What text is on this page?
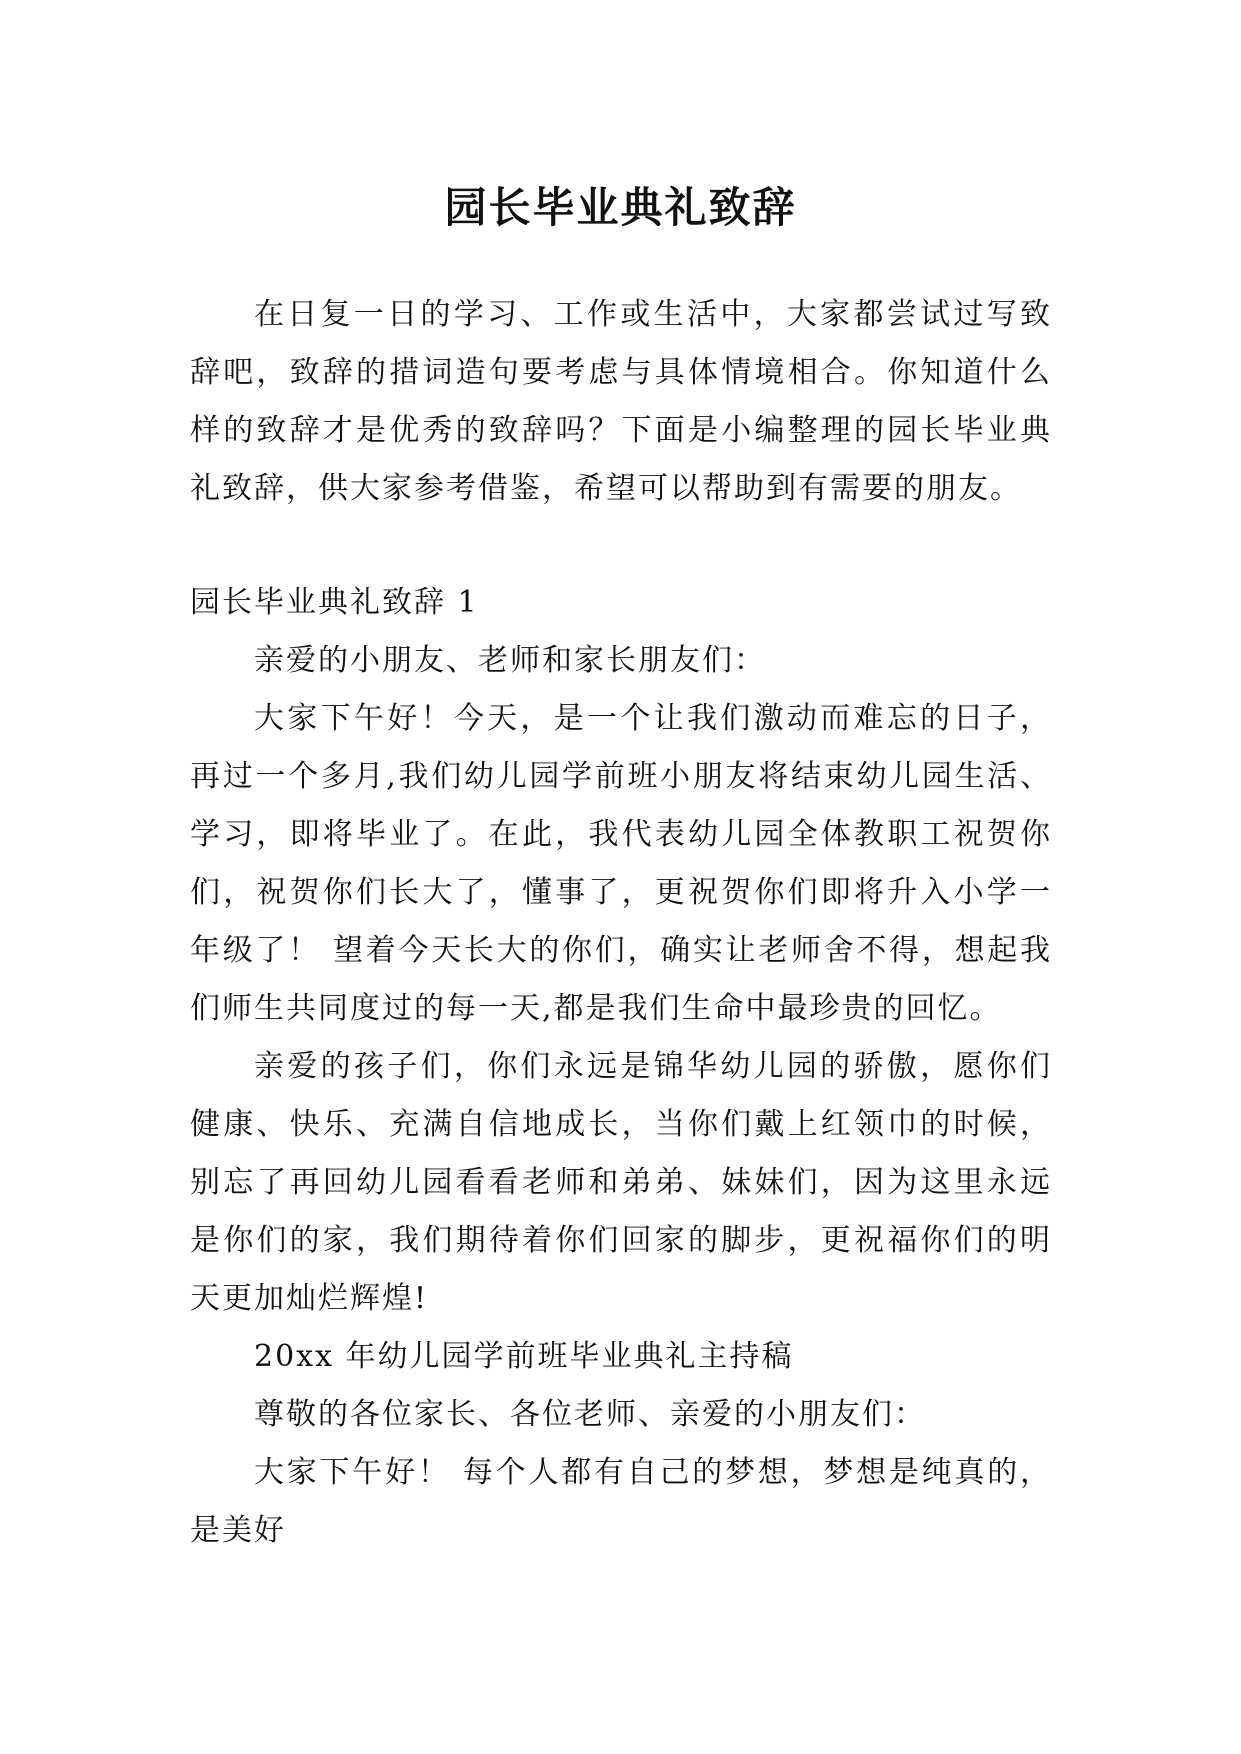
园长毕业典礼致辞

在日复一日的学习、工作或生活中，大家都尝试过写致辞吧，致辞的措词造句要考虑与具体情境相合。你知道什么样的致辞才是优秀的致辞吗？下面是小编整理的园长毕业典礼致辞，供大家参考借鉴，希望可以帮助到有需要的朋友。

园长毕业典礼致辞 1

亲爱的小朋友、老师和家长朋友们：

大家下午好！今天，是一个让我们激动而难忘的日子，再过一个多月,我们幼儿园学前班小朋友将结束幼儿园生活、学习，即将毕业了。在此，我代表幼儿园全体教职工祝贺你们，祝贺你们长大了，懂事了，更祝贺你们即将升入小学一年级了！ 望着今天长大的你们，确实让老师舍不得，想起我们师生共同度过的每一天,都是我们生命中最珍贵的回忆。

亲爱的孩子们，你们永远是锦华幼儿园的骄傲，愿你们健康、快乐、充满自信地成长，当你们戴上红领巾的时候，别忘了再回幼儿园看看老师和弟弟、妹妹们，因为这里永远是你们的家，我们期待着你们回家的脚步，更祝福你们的明天更加灿烂辉煌!

20xx 年幼儿园学前班毕业典礼主持稿

尊敬的各位家长、各位老师、亲爱的小朋友们：

大家下午好！ 每个人都有自己的梦想，梦想是纯真的，是美好
